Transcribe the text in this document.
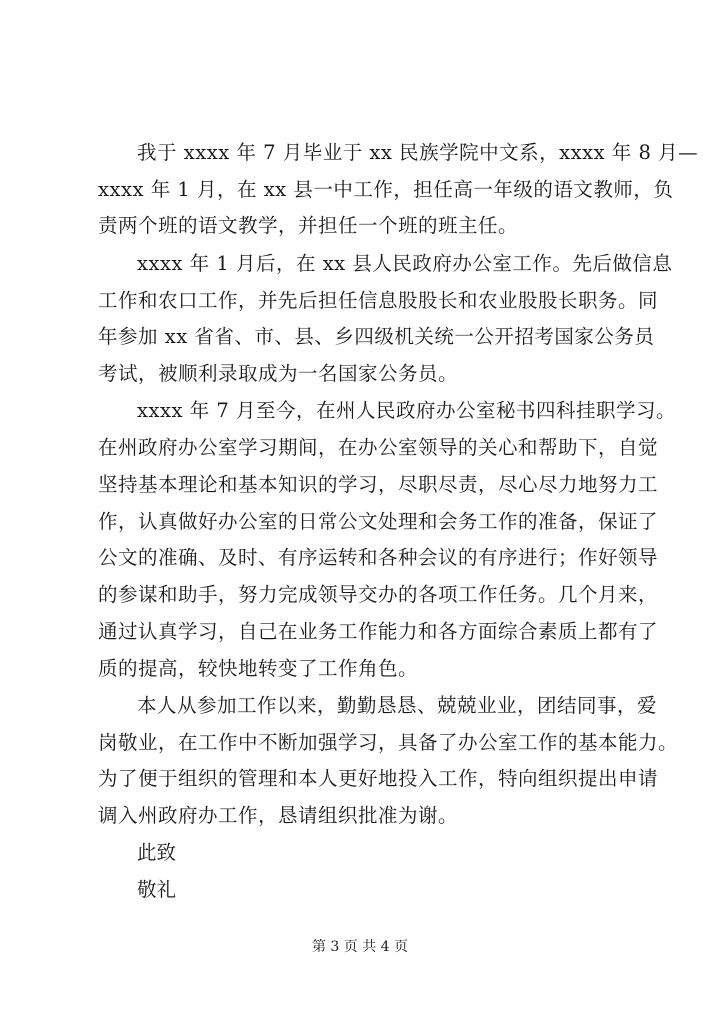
我于 xxxx 年 7 月毕业于 xx 民族学院中文系，xxxx 年 8 月—
xxxx 年 1 月，在 xx 县一中工作，担任高一年级的语文教师，负
责两个班的语文教学，并担任一个班的班主任。
xxxx 年 1 月后，在 xx 县人民政府办公室工作。先后做信息
工作和农口工作，并先后担任信息股股长和农业股股长职务。同
年参加 xx 省省、市、县、乡四级机关统一公开招考国家公务员
考试，被顺利录取成为一名国家公务员。
xxxx 年 7 月至今，在州人民政府办公室秘书四科挂职学习。
在州政府办公室学习期间，在办公室领导的关心和帮助下，自觉
坚持基本理论和基本知识的学习，尽职尽责，尽心尽力地努力工
作，认真做好办公室的日常公文处理和会务工作的准备，保证了
公文的准确、及时、有序运转和各种会议的有序进行；作好领导
的参谋和助手，努力完成领导交办的各项工作任务。几个月来，
通过认真学习，自己在业务工作能力和各方面综合素质上都有了
质的提高，较快地转变了工作角色。
本人从参加工作以来，勤勤恳恳、兢兢业业，团结同事，爱
岗敬业，在工作中不断加强学习，具备了办公室工作的基本能力。
为了便于组织的管理和本人更好地投入工作，特向组织提出申请
调入州政府办工作，恳请组织批准为谢。
此致
敬礼
第 3 页 共 4 页
